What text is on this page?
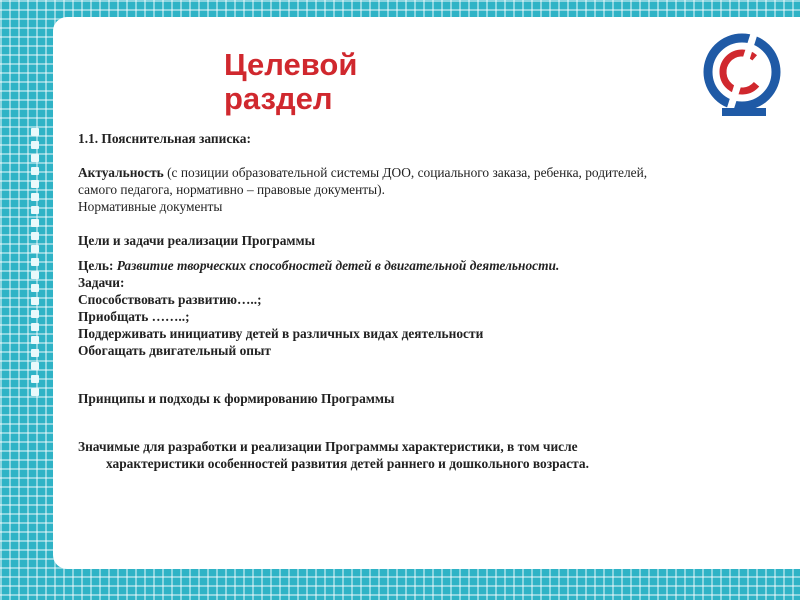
Целевой
раздел

1.1. Пояснительная записка:

Актуальность (с позиции образовательной системы ДОО, социального заказа, ребенка, родителей,
самого педагога, нормативно – правовые документы).
Нормативные документы

Цели и задачи реализации Программы

Цель: Развитие творческих способностей детей в двигательной деятельности.

Задачи:

Способствовать развитию…..;
Приобщать ……..;
Поддерживать инициативу детей в различных видах деятельности
Обогащать двигательный опыт

Принципы и подходы к формированию Программы

Значимые для разработки и реализации Программы характеристики, в том числе
характеристики особенностей развития детей раннего и дошкольного возраста.
